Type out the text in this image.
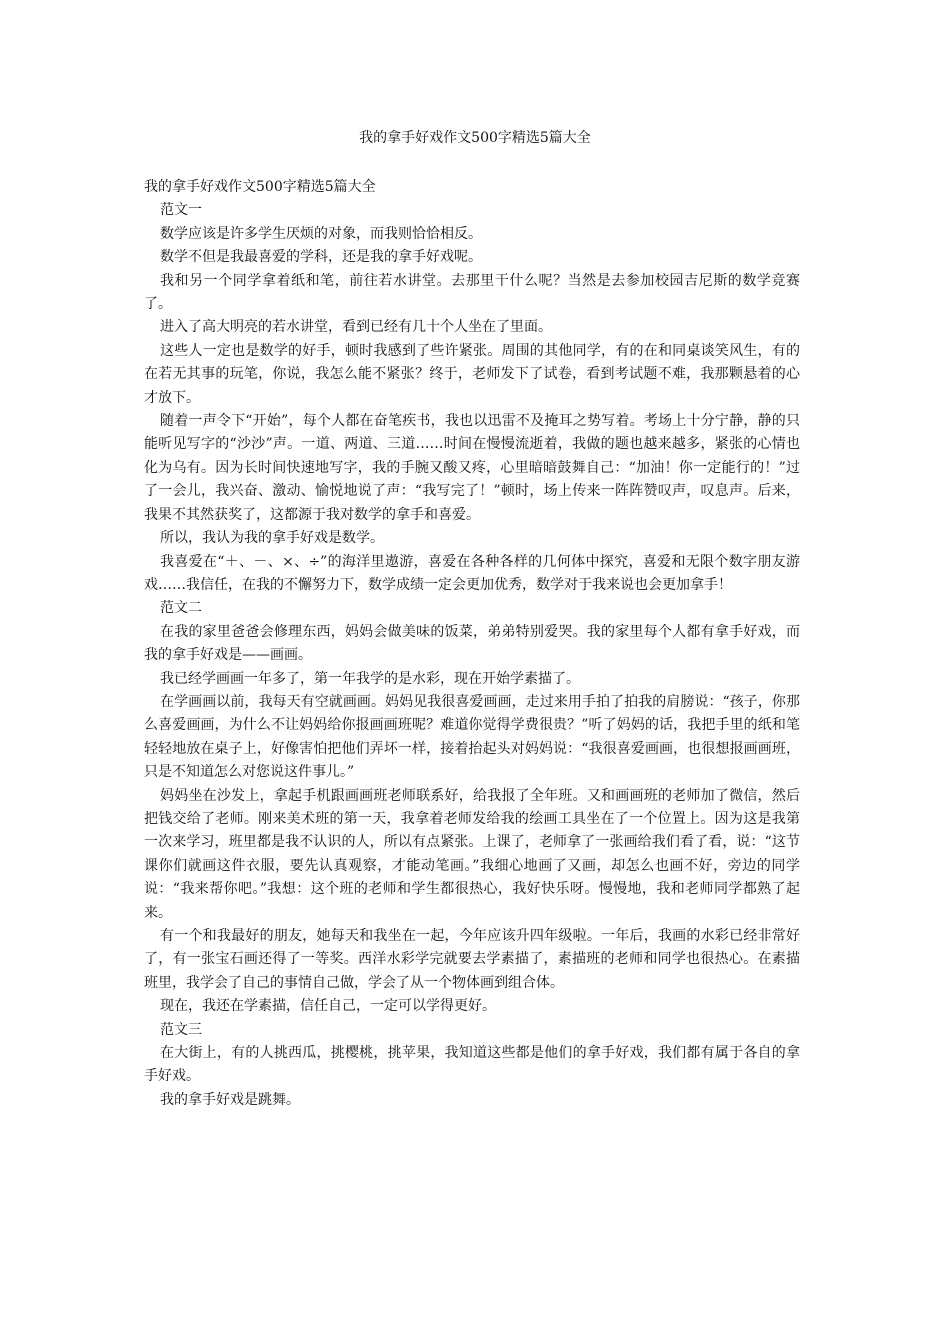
我的拿手好戏作文500字精选5篇大全

我的拿手好戏作文500字精选5篇大全

范文一

数学应该是许多学生厌烦的对象，而我则恰恰相反。

数学不但是我最喜爱的学科，还是我的拿手好戏呢。

我和另一个同学拿着纸和笔，前往若水讲堂。去那里干什么呢？当然是去参加校园吉尼斯的数学竞赛了。

进入了高大明亮的若水讲堂，看到已经有几十个人坐在了里面。

这些人一定也是数学的好手，顿时我感到了些许紧张。周围的其他同学，有的在和同桌谈笑风生，有的在若无其事的玩笔，你说，我怎么能不紧张？终于，老师发下了试卷，看到考试题不难，我那颗悬着的心才放下。

随着一声令下“开始”，每个人都在奋笔疾书，我也以迅雷不及掩耳之势写着。考场上十分宁静，静的只能听见写字的“沙沙”声。一道、两道、三道……时间在慢慢流逝着，我做的题也越来越多，紧张的心情也化为乌有。因为长时间快速地写字，我的手腕又酸又疼，心里暗暗鼓舞自己：“加油！你一定能行的！”过了一会儿，我兴奋、激动、愉悦地说了声：“我写完了！”顿时，场上传来一阵阵赞叹声，叹息声。后来，我果不其然获奖了，这都源于我对数学的拿手和喜爱。

所以，我认为我的拿手好戏是数学。

我喜爱在“＋、－、×、÷”的海洋里遨游，喜爱在各种各样的几何体中探究，喜爱和无限个数字朋友游戏……我信任，在我的不懈努力下，数学成绩一定会更加优秀，数学对于我来说也会更加拿手！

范文二

在我的家里爸爸会修理东西，妈妈会做美味的饭菜，弟弟特别爱哭。我的家里每个人都有拿手好戏，而我的拿手好戏是——画画。

我已经学画画一年多了，第一年我学的是水彩，现在开始学素描了。

在学画画以前，我每天有空就画画。妈妈见我很喜爱画画，走过来用手拍了拍我的肩膀说：“孩子，你那么喜爱画画，为什么不让妈妈给你报画画班呢？难道你觉得学费很贵？”听了妈妈的话，我把手里的纸和笔轻轻地放在桌子上，好像害怕把他们弄坏一样，接着抬起头对妈妈说：“我很喜爱画画，也很想报画画班，只是不知道怎么对您说这件事儿。”

妈妈坐在沙发上，拿起手机跟画画班老师联系好，给我报了全年班。又和画画班的老师加了微信，然后把钱交给了老师。刚来美术班的第一天，我拿着老师发给我的绘画工具坐在了一个位置上。因为这是我第一次来学习，班里都是我不认识的人，所以有点紧张。上课了，老师拿了一张画给我们看了看，说：“这节课你们就画这件衣服，要先认真观察，才能动笔画。”我细心地画了又画，却怎么也画不好，旁边的同学说：“我来帮你吧。”我想：这个班的老师和学生都很热心，我好快乐呀。慢慢地，我和老师同学都熟了起来。

有一个和我最好的朋友，她每天和我坐在一起，今年应该升四年级啦。一年后，我画的水彩已经非常好了，有一张宝石画还得了一等奖。西洋水彩学完就要去学素描了，素描班的老师和同学也很热心。在素描班里，我学会了自己的事情自己做，学会了从一个物体画到组合体。

现在，我还在学素描，信任自己，一定可以学得更好。

范文三

在大街上，有的人挑西瓜，挑樱桃，挑苹果，我知道这些都是他们的拿手好戏，我们都有属于各自的拿手好戏。

我的拿手好戏是跳舞。
